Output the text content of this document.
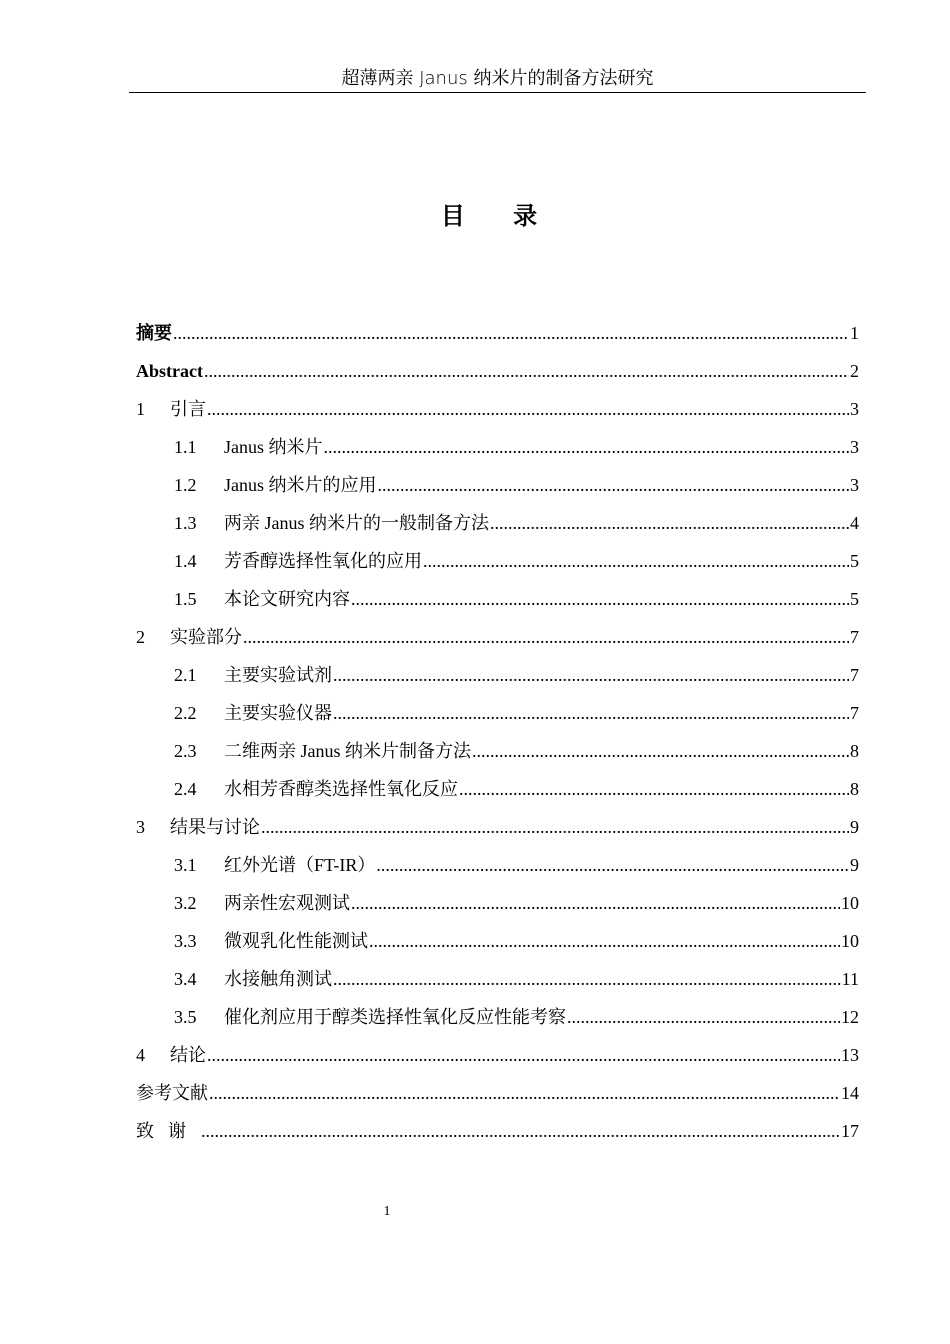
超薄两亲 Janus 纳米片的制备方法研究
目 录
摘要 .....	1
Abstract .....	2
1	引言 .....	3
1.1	Janus 纳米片 .....	3
1.2	Janus 纳米片的应用 .....	3
1.3	两亲 Janus 纳米片的一般制备方法 .....	4
1.4	芳香醇选择性氧化的应用 .....	5
1.5	本论文研究内容 .....	5
2	实验部分 .....	7
2.1	主要实验试剂 .....	7
2.2	主要实验仪器 .....	7
2.3	二维两亲 Janus 纳米片制备方法 .....	8
2.4	水相芳香醇类选择性氧化反应 .....	8
3	结果与讨论 .....	9
3.1	红外光谱（FT-IR） .....	9
3.2	两亲性宏观测试 .....	10
3.3	微观乳化性能测试 .....	10
3.4	水接触角测试 .....	11
3.5	催化剂应用于醇类选择性氧化反应性能考察 .....	12
4	结论 .....	13
参考文献 .....	14
致谢 .....	17
1
